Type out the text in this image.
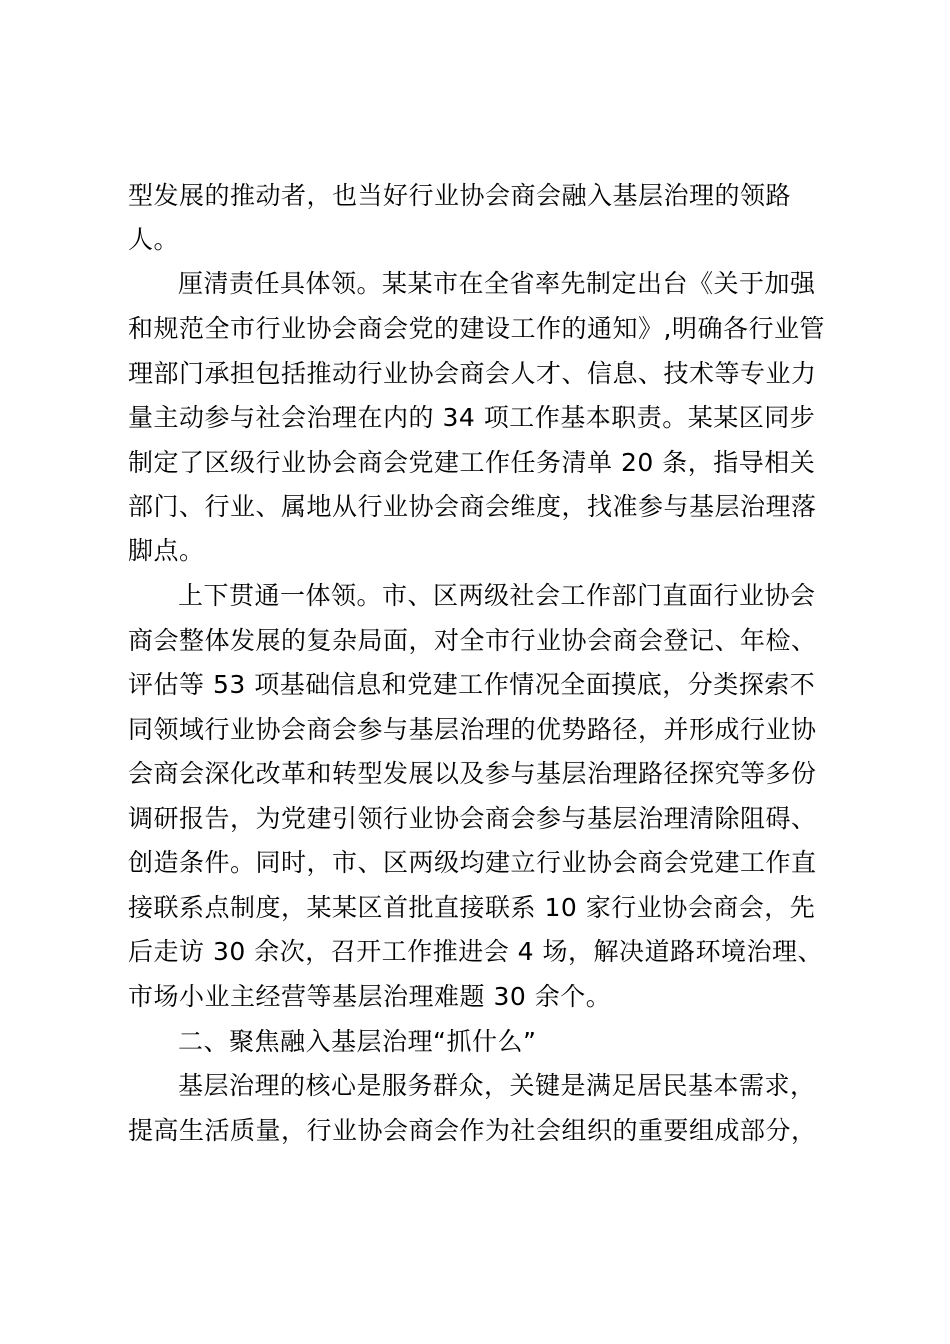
型发展的推动者，也当好行业协会商会融入基层治理的领路
人。
厘清责任具体领。某某市在全省率先制定出台《关于加强
和规范全市行业协会商会党的建设工作的通知》,明确各行业管
理部门承担包括推动行业协会商会人才、信息、技术等专业力
量主动参与社会治理在内的 34 项工作基本职责。某某区同步
制定了区级行业协会商会党建工作任务清单 20 条，指导相关
部门、行业、属地从行业协会商会维度，找准参与基层治理落
脚点。
上下贯通一体领。市、区两级社会工作部门直面行业协会
商会整体发展的复杂局面，对全市行业协会商会登记、年检、
评估等 53 项基础信息和党建工作情况全面摸底，分类探索不
同领域行业协会商会参与基层治理的优势路径，并形成行业协
会商会深化改革和转型发展以及参与基层治理路径探究等多份
调研报告，为党建引领行业协会商会参与基层治理清除阻碍、
创造条件。同时，市、区两级均建立行业协会商会党建工作直
接联系点制度，某某区首批直接联系 10 家行业协会商会，先
后走访 30 余次，召开工作推进会 4 场，解决道路环境治理、
市场小业主经营等基层治理难题 30 余个。
二、聚焦融入基层治理“抓什么”
基层治理的核心是服务群众，关键是满足居民基本需求，
提高生活质量，行业协会商会作为社会组织的重要组成部分，
